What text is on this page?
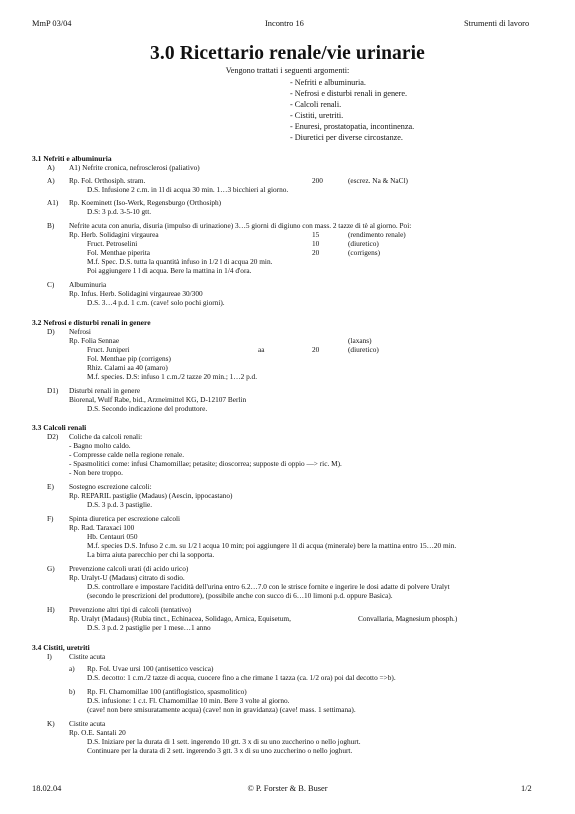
MmP 03/04	Incontro 16	Strumenti di lavoro
3.0 Ricettario renale/vie urinarie
Vengono trattati i seguenti argomenti:
- Nefriti e albuminuria.
- Nefrosi e disturbi renali in genere.
- Calcoli renali.
- Cistiti, uretriti.
- Enuresi, prostatopatia, incontinenza.
- Diuretici per diverse circostanze.
3.1 Nefriti e albuminuria
A) A1) Nefrite cronica, nefrosclerosi (paliativo)
A) Rp. Fol. Orthosiph. stram.	200	(escrez. Na & NaCl)
D.S. Infusione 2 c.m. in 1l di acqua 30 min. 1…3 bicchieri al giorno.
A1) Rp. Koeminett (Iso-Werk, Regensburgo (Orthosiph)
D.S: 3 p.d. 3-5-10 gtt.
B) Nefrite acuta con anuria, disuria (impulso di urinazione) 3…5 giorni di digiuno con mass. 2 tazze di tè al giorno. Poi:
Rp. Herb. Solidagini virgaurea	15	(rendimento renale)
Fruct. Petroselini	10	(diuretico)
Fol. Menthae piperita	20	(corrigens)
M.f. Spec. D.S. tutta la quantità infuso in 1/2 l di acqua 20 min.
Poi aggiungere 1 l di acqua. Bere la mattina in 1/4 d'ora.
C) Albuminuria
Rp. Infus. Herb. Solidagini virgaureae 30/300
D.S. 3…4 p.d. 1 c.m. (cave! solo pochi giorni).
3.2 Nefrosi e disturbi renali in genere
D) Nefrosi
Rp. Folia Sennae	(laxans)
Fruct. Juniperi	aa	20	(diuretico)
Fol. Menthae pip (corrigens)
Rhiz. Calami aa 40 (amaro)
M.f. species. D.S: infuso 1 c.m./2 tazze 20 min.; 1…2 p.d.
D1) Disturbi renali in genere
Biorenal, Wulf Rabe, bid., Arzneimittel KG, D-12107 Berlin
D.S. Secondo indicazione del produttore.
3.3 Calcoli renali
D2) Coliche da calcoli renali:
- Bagno molto caldo.
- Compresse calde nella regione renale.
- Spasmolitici come: infusi Chamomillae; petasite; dioscorrea; supposte di oppio —> ric. M).
- Non bere troppo.
E) Sostegno escrezione calcoli:
Rp. REPARIL pastiglie (Madaus) (Aescin, ippocastano)
D.S. 3 p.d. 3 pastiglie.
F) Spinta diuretica per escrezione calcoli
Rp. Rad. Taraxaci 100
Hb. Centauri 050
M.f. species D.S. Infuso 2 c.m. su 1/2 l acqua 10 min; poi aggiungere 1l di acqua (minerale) bere la mattina entro 15…20 min.
La birra aiuta parecchio per chi la sopporta.
G) Prevenzione calcoli urati (di acido urico)
Rp. Uralyt-U (Madaus) citrato di sodio.
D.S. controllare e impostare l'acidità dell'urina entro 6.2…7.0 con le strisce fornite e ingerire le dosi adatte di polvere Uralyt
(secondo le prescrizioni del produttore), (possibile anche con succo di 6…10 limoni p.d. oppure Basica).
H) Prevenzione altri tipi di calcoli (tentativo)
Rp. Uralyt (Madaus) (Rubia tinct., Echinacea, Solidago, Arnica, Equisetum,	Convallaria, Magnesium phosph.)
D.S. 3 p.d. 2 pastiglie per 1 mese…1 anno
3.4 Cistiti, uretriti
I) Cistite acuta
a) Rp. Fol. Uvae ursi 100 (antisettico vescica)
D.S. decotto: 1 c.m./2 tazze di acqua, cuocere fino a che rimane 1 tazza (ca. 1/2 ora) poi dal decotto =>b).
b) Rp. Fl. Chamomillae 100 (antiflogistico, spasmolitico)
D.S. infusione: 1 c.t. Fl. Chamomillae 10 min. Bere 3 volte al giorno.
(cave! non bere smisuratamente acqua) (cave! non in gravidanza) (cave! mass. 1 settimana).
K) Cistite acuta
Rp. O.E. Santali 20
D.S. Iniziare per la durata di 1 sett. ingerendo 10 gtt. 3 x di su uno zuccherino o nello joghurt.
Continuare per la durata di 2 sett. ingerendo 3 gtt. 3 x di su uno zuccherino o nello joghurt.
18.02.04	© P. Forster & B. Buser	1/2
